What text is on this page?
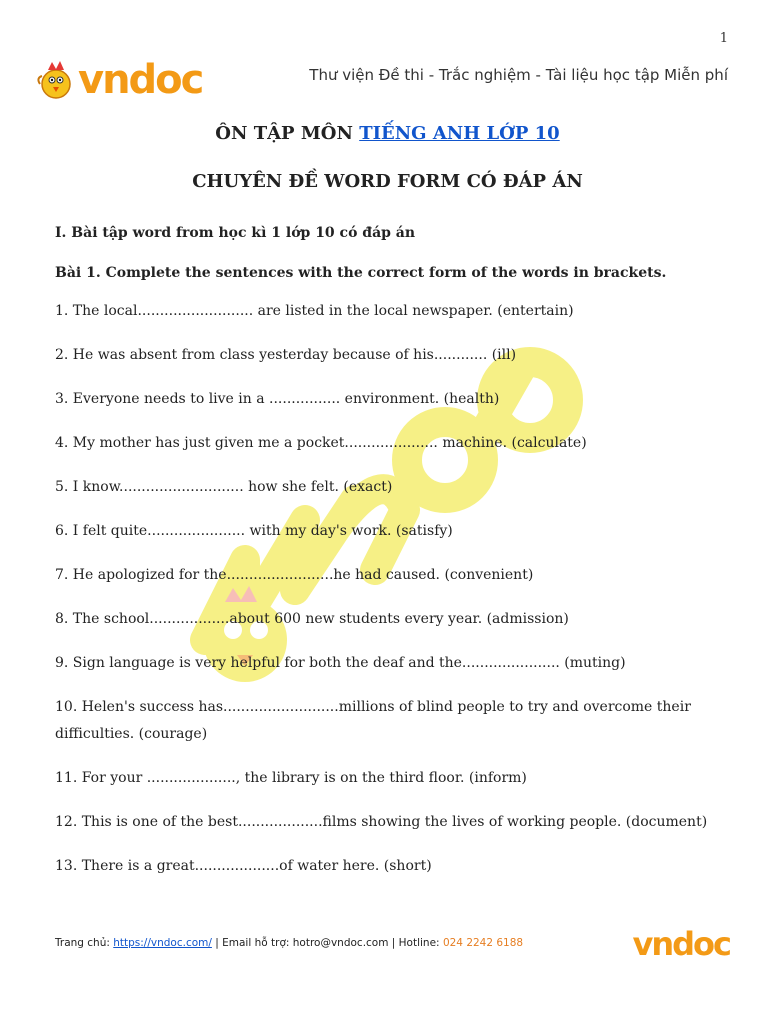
1
vndoc	Thư viện Đề thi - Trắc nghiệm - Tài liệu học tập Miễn phí

ÔN TẬP MÔN TIẾNG ANH LỚP 10

CHUYÊN ĐỀ WORD FORM CÓ ĐÁP ÁN

I. Bài tập word from học kì 1 lớp 10 có đáp án

Bài 1. Complete the sentences with the correct form of the words in brackets.

1. The local.......................... are listed in the local newspaper. (entertain)
2. He was absent from class yesterday because of his............ (ill)
3. Everyone needs to live in a ................ environment. (health)
4. My mother has just given me a pocket..................... machine. (calculate)
5. I know............................ how she felt. (exact)
6. I felt quite...................... with my day's work. (satisfy)
7. He apologized for the........................he had caused. (convenient)
8. The school..................about 600 new students every year. (admission)
9. Sign language is very helpful for both the deaf and the...................... (muting)
10. Helen's success has..........................millions of blind people to try and overcome their difficulties. (courage)
11. For your ...................., the library is on the third floor. (inform)
12. This is one of the best...................films showing the lives of working people. (document)
13. There is a great...................of water here. (short)
Trang chủ: https://vndoc.com/ | Email hỗ trợ: hotro@vndoc.com | Hotline: 024 2242 6188	vndoc
